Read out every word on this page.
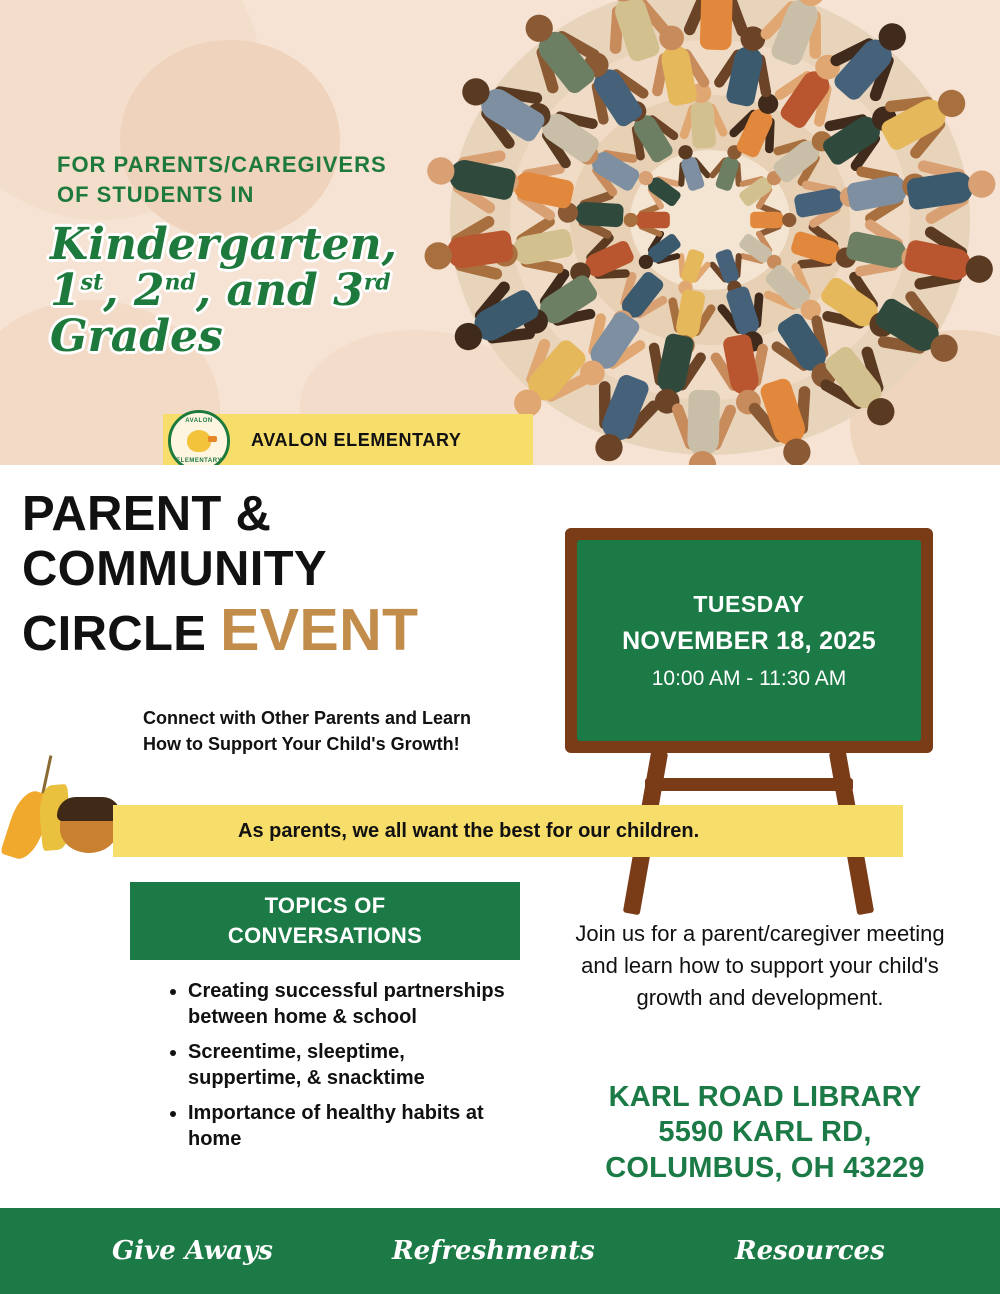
FOR PARENTS/CAREGIVERS
OF STUDENTS IN
Kindergarten,
1st, 2nd, and 3rd
Grades
AVALON
ELEMENTARY
AVALON ELEMENTARY
PARENT &
COMMUNITY
CIRCLE EVENT
Connect with Other Parents and Learn
How to Support Your Child's Growth!
TUESDAY
NOVEMBER 18, 2025
10:00 AM - 11:30 AM
As parents, we all want the best for our children.
TOPICS OF
CONVERSATIONS
• Creating successful partnerships between home & school
• Screentime, sleeptime, suppertime, & snacktime
• Importance of healthy habits at home
Join us for a parent/caregiver meeting and learn how to support your child's growth and development.
KARL ROAD LIBRARY
5590 KARL RD,
COLUMBUS, OH 43229
Give Aways	Refreshments	Resources
